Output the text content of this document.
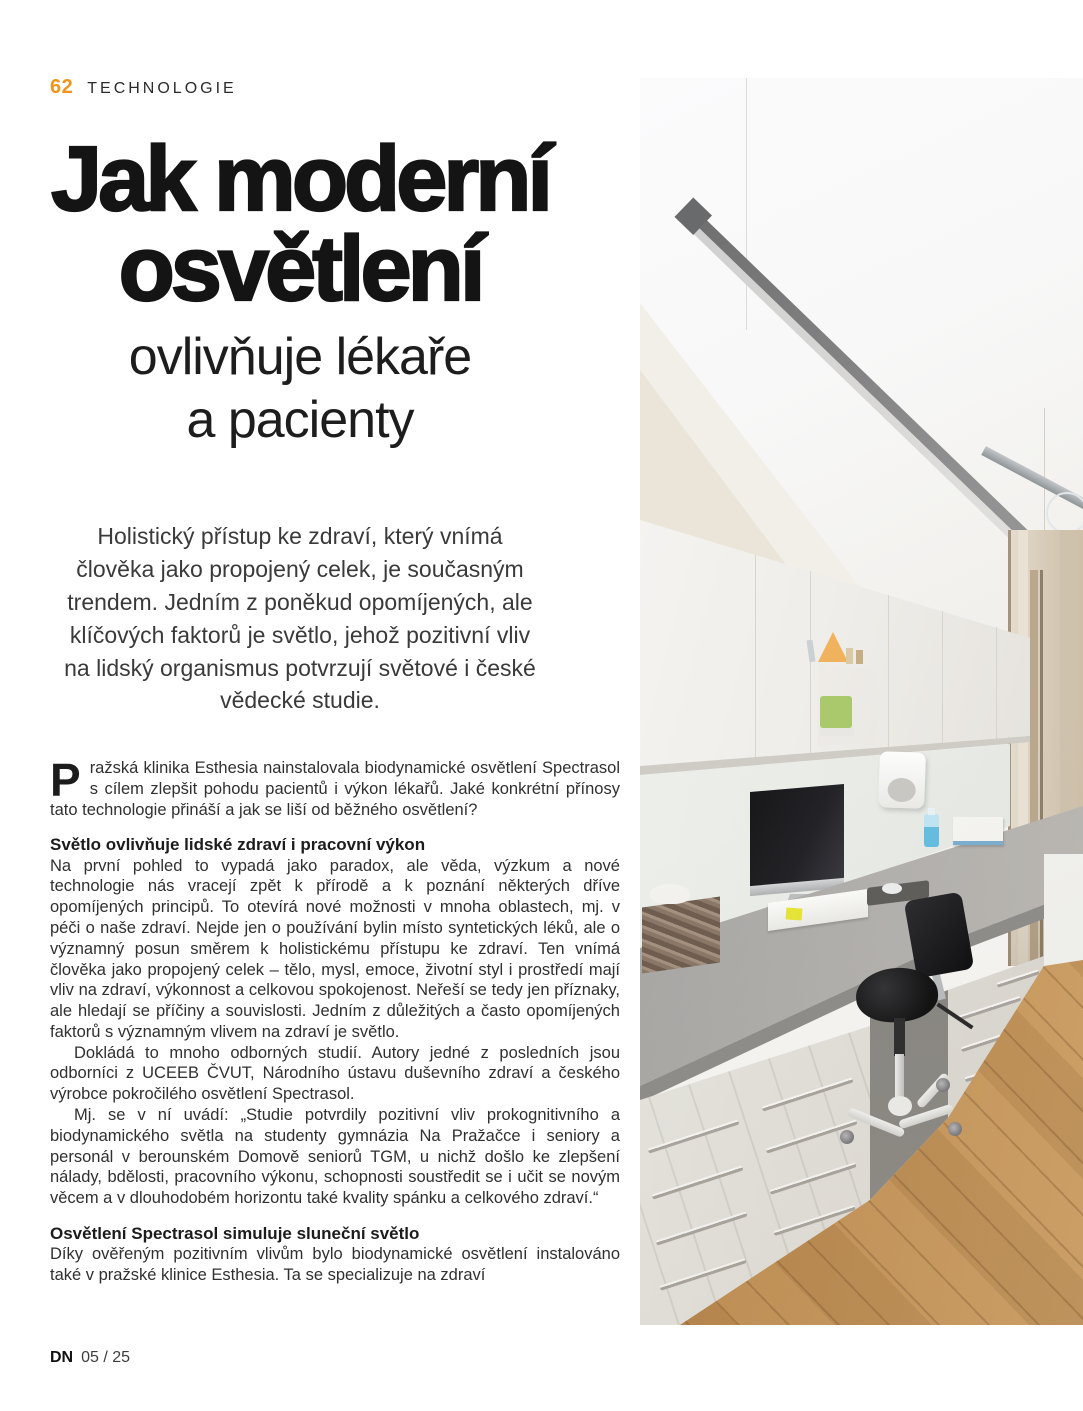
62 TECHNOLOGIE
Jak moderní
osvětlení
ovlivňuje lékaře
a pacienty
Holistický přístup ke zdraví, který vnímá člověka jako propojený celek, je současným trendem. Jedním z poněkud opomíjených, ale klíčových faktorů je světlo, jehož pozitivní vliv na lidský organismus potvrzují světové i české vědecké studie.

Pražská klinika Esthesia nainstalovala biodynamické osvětlení Spectrasol s cílem zlepšit pohodu pacientů i výkon lékařů. Jaké konkrétní přínosy tato technologie přináší a jak se liší od běžného osvětlení?

Světlo ovlivňuje lidské zdraví i pracovní výkon

Na první pohled to vypadá jako paradox, ale věda, výzkum a nové technologie nás vracejí zpět k přírodě a k poznání některých dříve opomíjených principů. To otevírá nové možnosti v mnoha oblastech, mj. v péči o naše zdraví. Nejde jen o používání bylin místo syntetických léků, ale o významný posun směrem k holistickému přístupu ke zdraví. Ten vnímá člověka jako propojený celek – tělo, mysl, emoce, životní styl i prostředí mají vliv na zdraví, výkonnost a celkovou spokojenost. Neřeší se tedy jen příznaky, ale hledají se příčiny a souvislosti. Jedním z důležitých a často opomíjených faktorů s významným vlivem na zdraví je světlo.

Dokládá to mnoho odborných studií. Autory jedné z posledních jsou odborníci z UCEEB ČVUT, Národního ústavu duševního zdraví a českého výrobce pokročilého osvětlení Spectrasol.

Mj. se v ní uvádí: „Studie potvrdily pozitivní vliv prokognitivního a biodynamického světla na studenty gymnázia Na Pražačce i seniory a personál v berounském Domově seniorů TGM, u nichž došlo ke zlepšení nálady, bdělosti, pracovního výkonu, schopnosti soustředit se i učit se novým věcem a v dlouhodobém horizontu také kvality spánku a celkového zdraví.“

Osvětlení Spectrasol simuluje sluneční světlo

Díky ověřeným pozitivním vlivům bylo biodynamické osvětlení instalováno také v pražské klinice Esthesia. Ta se specializuje na zdraví

DN 05 / 25
